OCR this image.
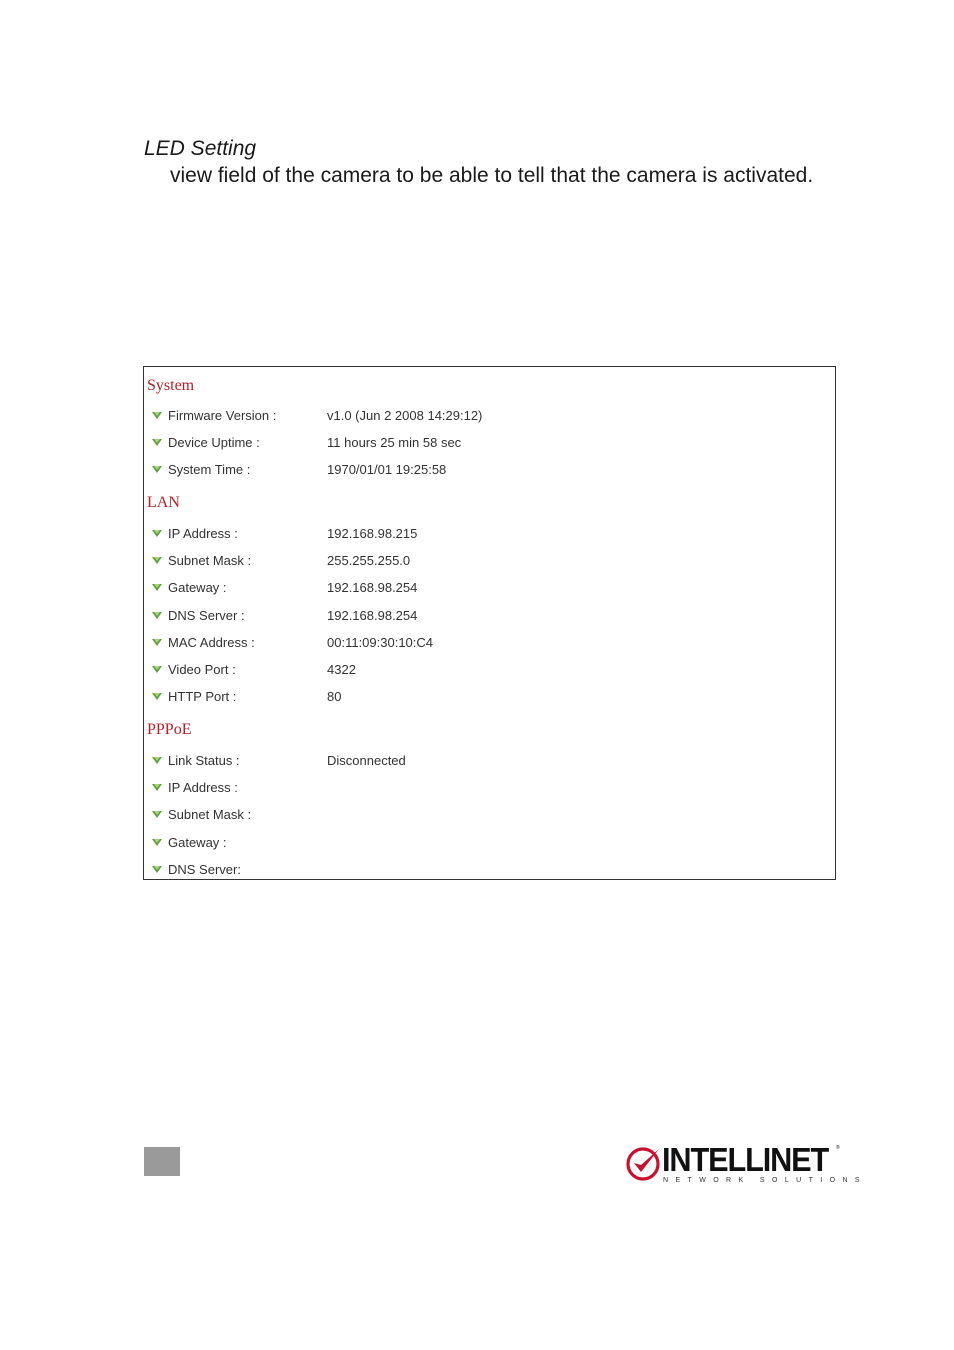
LED Setting
view field of the camera to be able to tell that the camera is activated.
System
Firmware Version :	v1.0 (Jun 2 2008 14:29:12)
Device Uptime :	11 hours 25 min 58 sec
System Time :	1970/01/01 19:25:58
LAN
IP Address :	192.168.98.215
Subnet Mask :	255.255.255.0
Gateway :	192.168.98.254
DNS Server :	192.168.98.254
MAC Address :	00:11:09:30:10:C4
Video Port :	4322
HTTP Port :	80
PPPoE
Link Status :	Disconnected
IP Address :
Subnet Mask :
Gateway :
DNS Server:
INTELLINET ®
NETWORK SOLUTIONS
